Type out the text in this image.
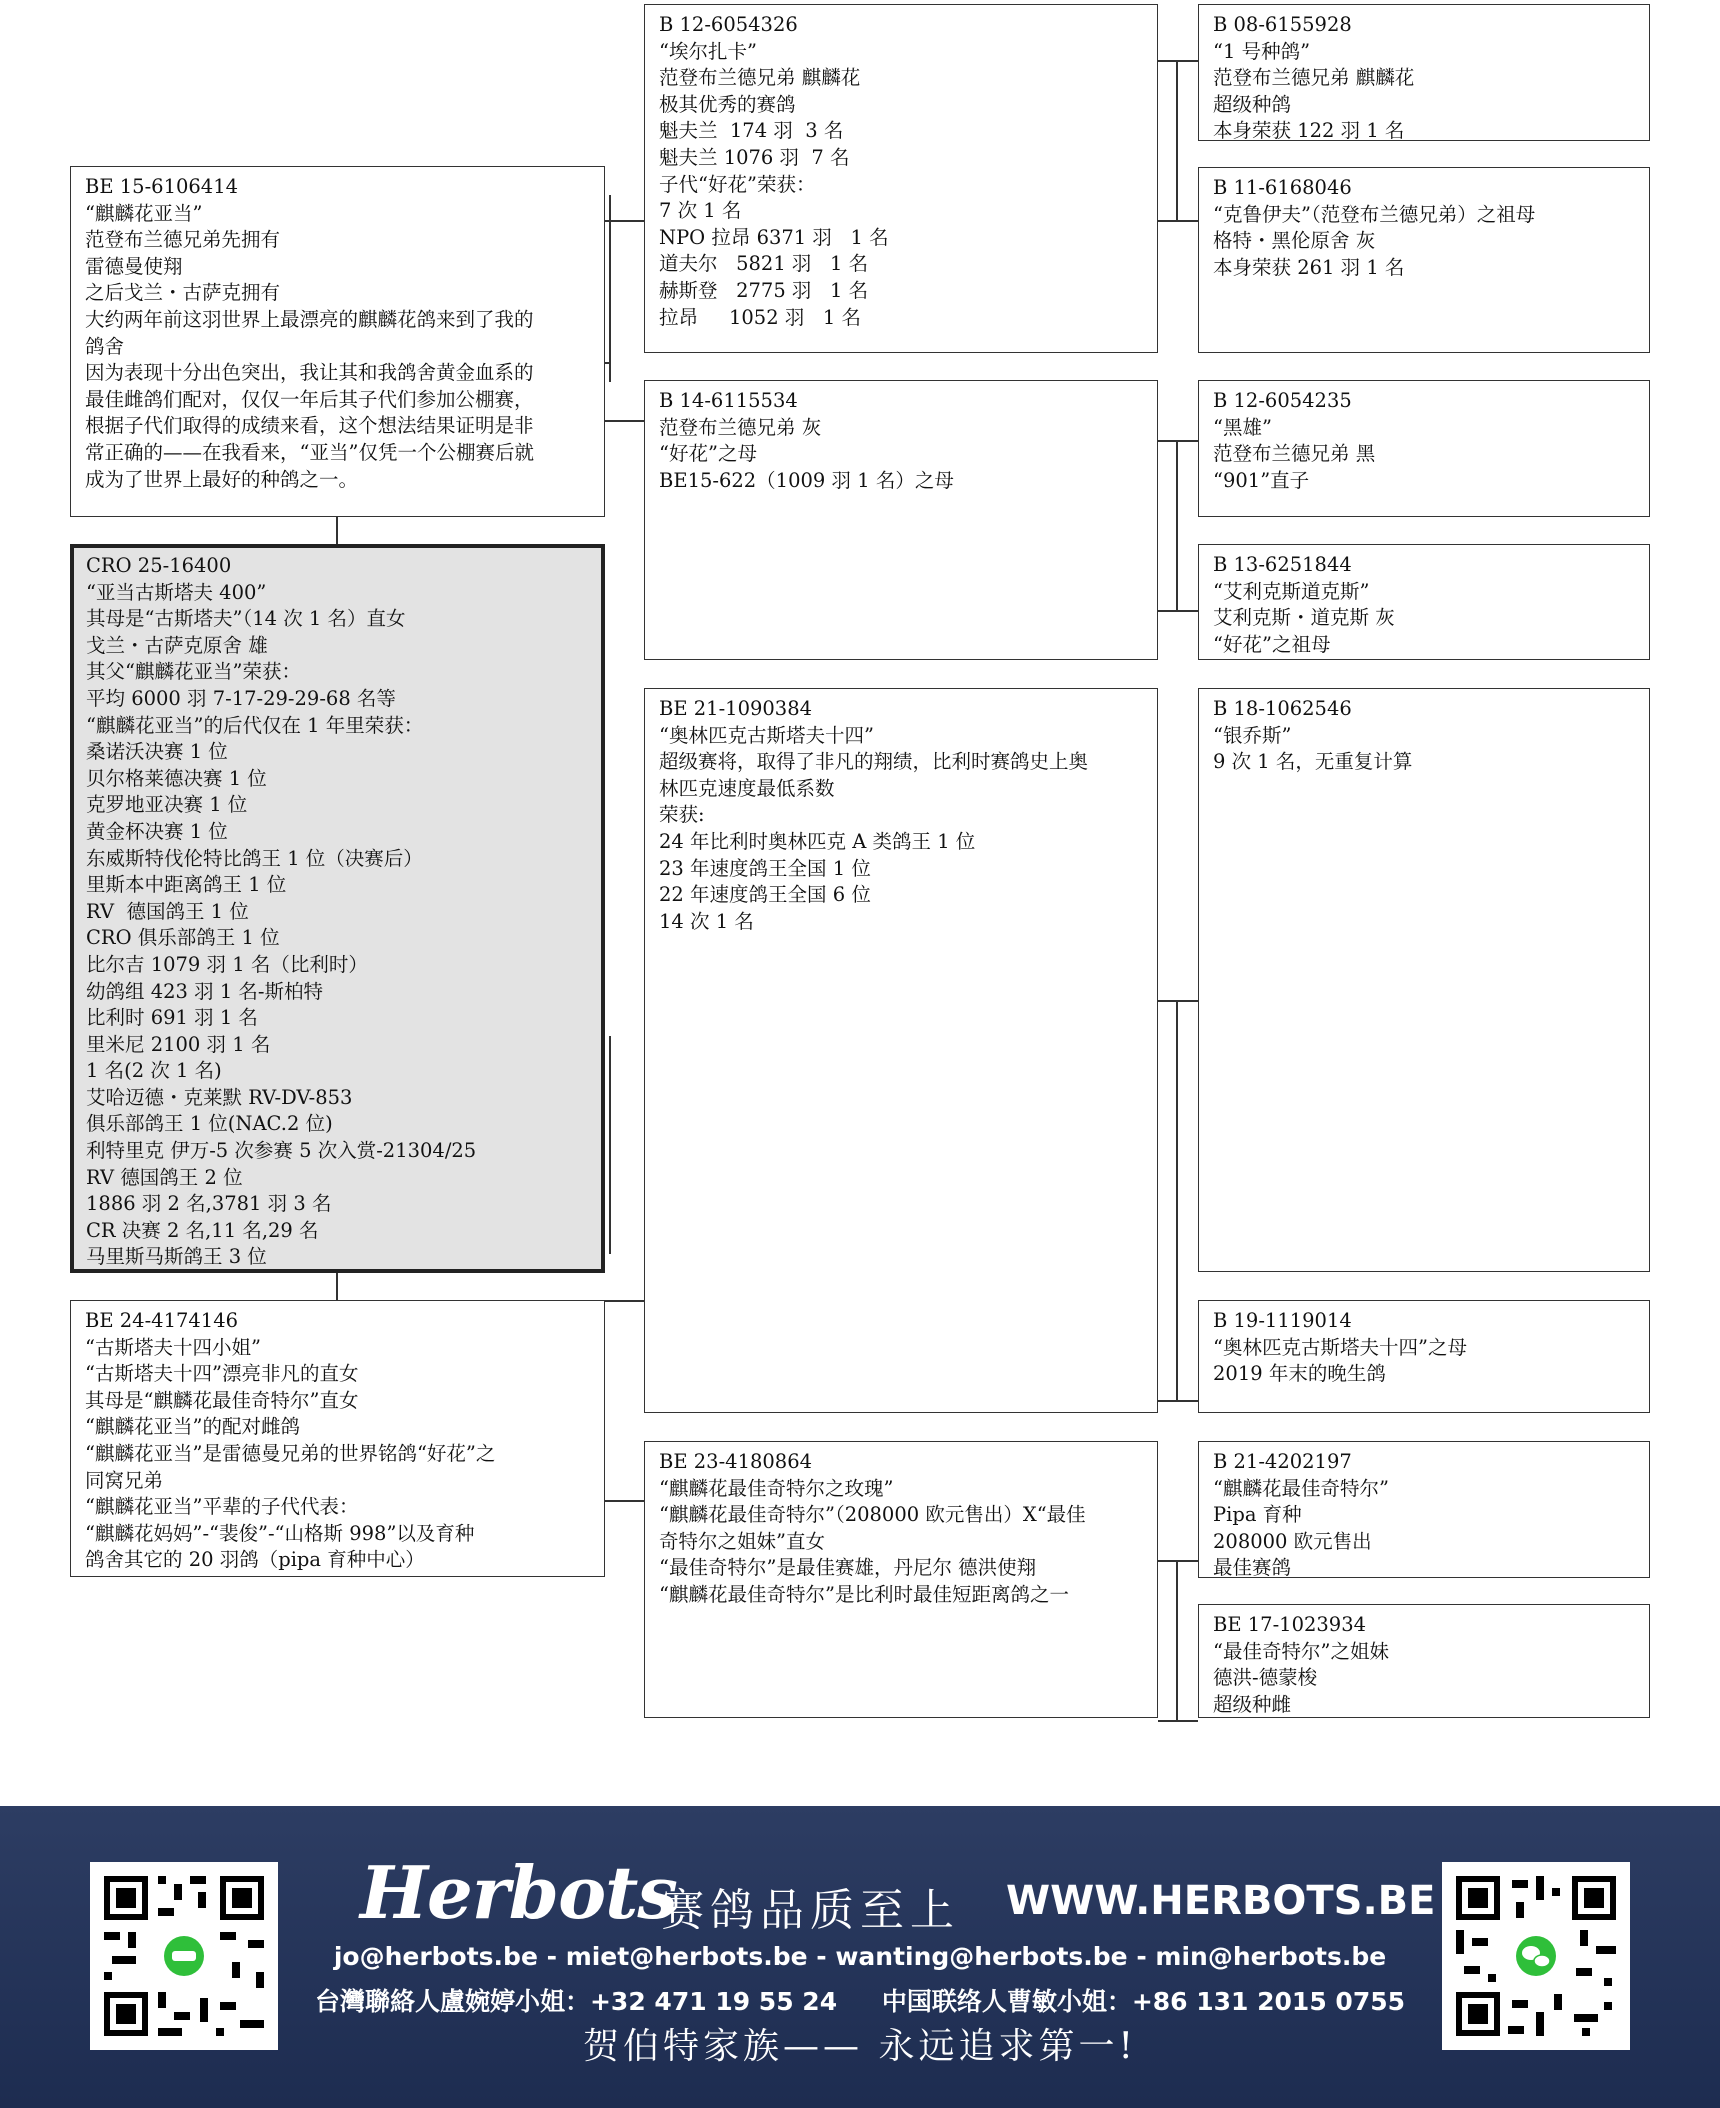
BE 15-6106414
“麒麟花亚当”
范登布兰德兄弟先拥有
雷德曼使翔
之后戈兰・古萨克拥有
大约两年前这羽世界上最漂亮的麒麟花鸽来到了我的
鸽舍
因为表现十分出色突出，我让其和我鸽舍黄金血系的
最佳雌鸽们配对，仅仅一年后其子代们参加公棚赛，
根据子代们取得的成绩来看，这个想法结果证明是非
常正确的——在我看来，“亚当”仅凭一个公棚赛后就
成为了世界上最好的种鸽之一。
CRO 25-16400
“亚当古斯塔夫 400”
其母是“古斯塔夫”（14 次 1 名）直女
戈兰・古萨克原舍 雄
其父“麒麟花亚当”荣获：
平均 6000 羽 7-17-29-29-68 名等
“麒麟花亚当”的后代仅在 1 年里荣获：
桑诺沃决赛 1 位
贝尔格莱德决赛 1 位
克罗地亚决赛 1 位
黄金杯决赛 1 位
东威斯特伐伦特比鸽王 1 位（决赛后）
里斯本中距离鸽王 1 位
RV  德国鸽王 1 位
CRO 俱乐部鸽王 1 位
比尔吉 1079 羽 1 名（比利时）
幼鸽组 423 羽 1 名-斯柏特
比利时 691 羽 1 名
里米尼 2100 羽 1 名
1 名(2 次 1 名)
艾哈迈德・克莱默 RV-DV-853
俱乐部鸽王 1 位(NAC.2 位)
利特里克 伊万-5 次参赛 5 次入赏-21304/25
RV 德国鸽王 2 位
1886 羽 2 名,3781 羽 3 名
CR 决赛 2 名,11 名,29 名
马里斯马斯鸽王 3 位
BE 24-4174146
“古斯塔夫十四小姐”
“古斯塔夫十四”漂亮非凡的直女
其母是“麒麟花最佳奇特尔”直女
“麒麟花亚当”的配对雌鸽
“麒麟花亚当”是雷德曼兄弟的世界铭鸽“好花”之
同窝兄弟
“麒麟花亚当”平辈的子代代表：
“麒麟花妈妈”-“裴俊”-“山格斯 998”以及育种
鸽舍其它的 20 羽鸽（pipa 育种中心）
B 12-6054326
“埃尔扎卡”
范登布兰德兄弟 麒麟花
极其优秀的赛鸽
魁夫兰  174 羽  3 名
魁夫兰 1076 羽  7 名
子代“好花”荣获：
7 次 1 名
NPO 拉昂 6371 羽   1 名
道夫尔   5821 羽   1 名
赫斯登   2775 羽   1 名
拉昂     1052 羽   1 名
B 14-6115534
范登布兰德兄弟 灰
“好花”之母
BE15-622（1009 羽 1 名）之母
BE 21-1090384
“奥林匹克古斯塔夫十四”
超级赛将，取得了非凡的翔绩，比利时赛鸽史上奥
林匹克速度最低系数
荣获:
24 年比利时奥林匹克 A 类鸽王 1 位
23 年速度鸽王全国 1 位
22 年速度鸽王全国 6 位
14 次 1 名
BE 23-4180864
“麒麟花最佳奇特尔之玫瑰”
“麒麟花最佳奇特尔”（208000 欧元售出）X“最佳
奇特尔之姐妹”直女
“最佳奇特尔”是最佳赛雄，丹尼尔 德洪使翔
“麒麟花最佳奇特尔”是比利时最佳短距离鸽之一
B 08-6155928
“1 号种鸽”
范登布兰德兄弟 麒麟花
超级种鸽
本身荣获 122 羽 1 名
B 11-6168046
“克鲁伊夫”（范登布兰德兄弟）之祖母
格特・黑伦原舍 灰
本身荣获 261 羽 1 名
B 12-6054235
“黑雄”
范登布兰德兄弟 黑
“901”直子
B 13-6251844
“艾利克斯道克斯”
艾利克斯・道克斯 灰
“好花”之祖母
B 18-1062546
“银乔斯”
9 次 1 名，无重复计算
B 19-1119014
“奥林匹克古斯塔夫十四”之母
2019 年末的晚生鸽
B 21-4202197
“麒麟花最佳奇特尔”
Pipa 育种
208000 欧元售出
最佳赛鸽
BE 17-1023934
“最佳奇特尔”之姐妹
德洪-德蒙梭
超级种雌
Herbots
赛鸽品质至上 WWW.HERBOTS.BE
jo@herbots.be - miet@herbots.be - wanting@herbots.be - min@herbots.be
台灣聯絡人盧婉婷小姐：+32 471 19 55 24 中国联络人曹敏小姐：+86 131 2015 0755
贺伯特家族—— 永远追求第一!
